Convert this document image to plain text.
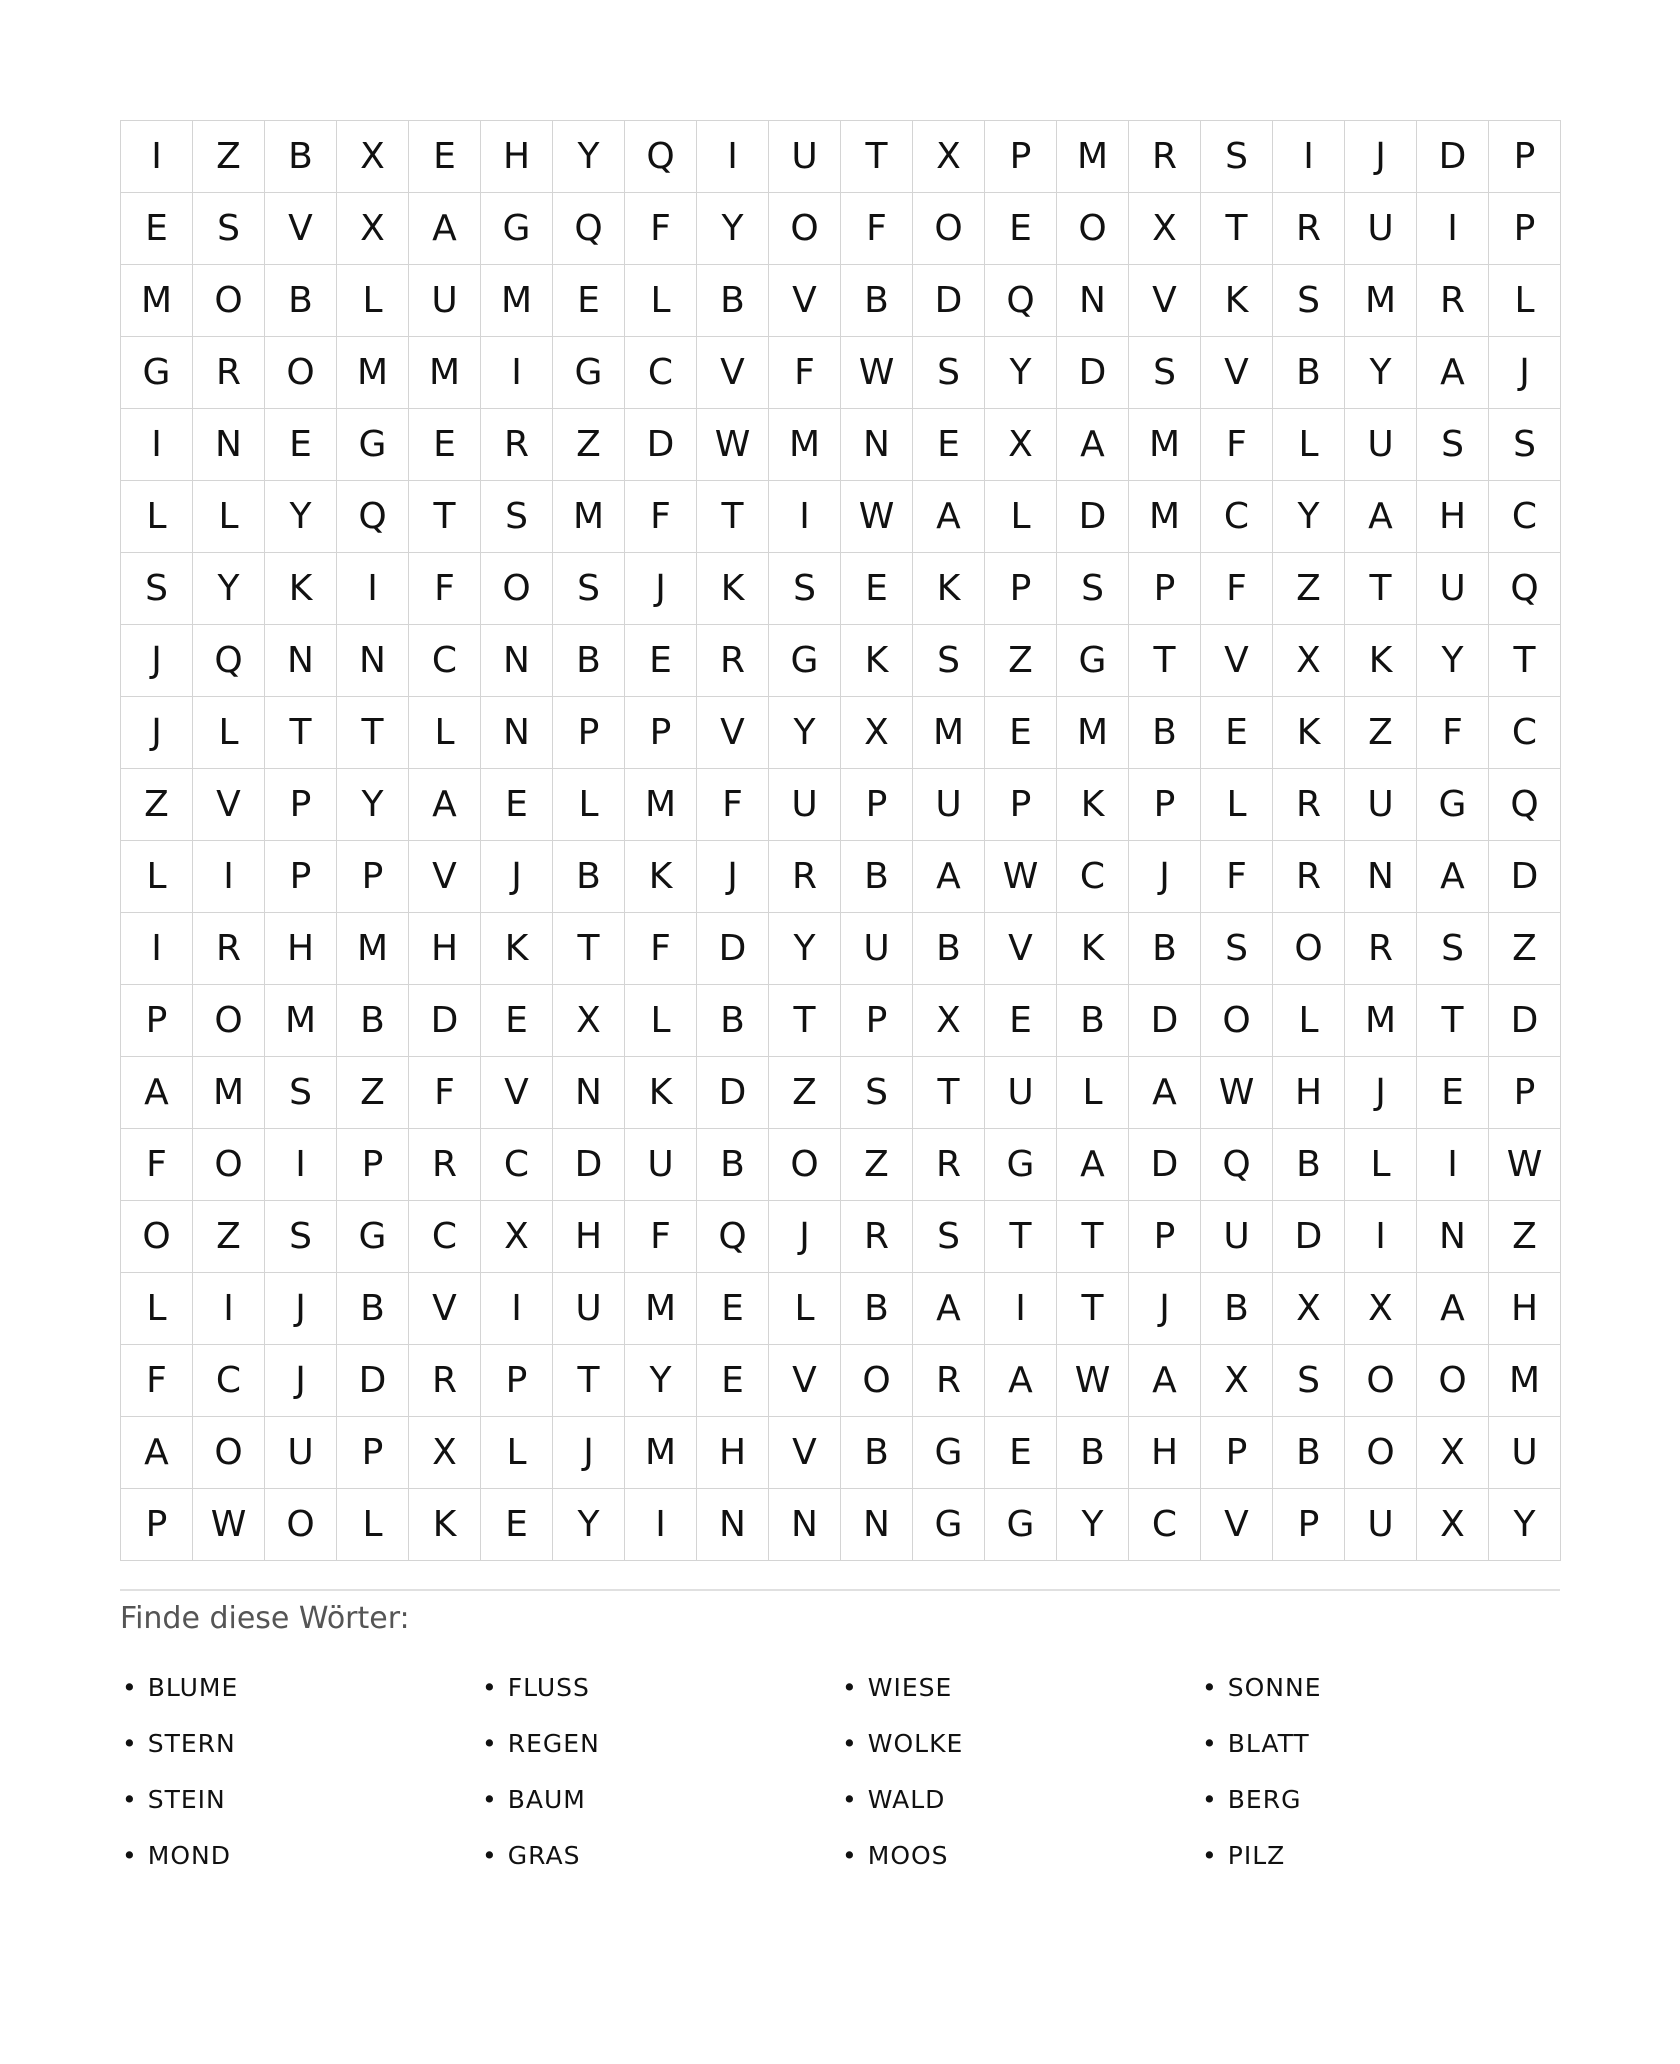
I	Z	B	X	E	H	Y	Q	I	U	T	X	P	M	R	S	I	J	D	P
E	S	V	X	A	G	Q	F	Y	O	F	O	E	O	X	T	R	U	I	P
M	O	B	L	U	M	E	L	B	V	B	D	Q	N	V	K	S	M	R	L
G	R	O	M	M	I	G	C	V	F	W	S	Y	D	S	V	B	Y	A	J
I	N	E	G	E	R	Z	D	W	M	N	E	X	A	M	F	L	U	S	S
L	L	Y	Q	T	S	M	F	T	I	W	A	L	D	M	C	Y	A	H	C
S	Y	K	I	F	O	S	J	K	S	E	K	P	S	P	F	Z	T	U	Q
J	Q	N	N	C	N	B	E	R	G	K	S	Z	G	T	V	X	K	Y	T
J	L	T	T	L	N	P	P	V	Y	X	M	E	M	B	E	K	Z	F	C
Z	V	P	Y	A	E	L	M	F	U	P	U	P	K	P	L	R	U	G	Q
L	I	P	P	V	J	B	K	J	R	B	A	W	C	J	F	R	N	A	D
I	R	H	M	H	K	T	F	D	Y	U	B	V	K	B	S	O	R	S	Z
P	O	M	B	D	E	X	L	B	T	P	X	E	B	D	O	L	M	T	D
A	M	S	Z	F	V	N	K	D	Z	S	T	U	L	A	W	H	J	E	P
F	O	I	P	R	C	D	U	B	O	Z	R	G	A	D	Q	B	L	I	W
O	Z	S	G	C	X	H	F	Q	J	R	S	T	T	P	U	D	I	N	Z
L	I	J	B	V	I	U	M	E	L	B	A	I	T	J	B	X	X	A	H
F	C	J	D	R	P	T	Y	E	V	O	R	A	W	A	X	S	O	O	M
A	O	U	P	X	L	J	M	H	V	B	G	E	B	H	P	B	O	X	U
P	W	O	L	K	E	Y	I	N	N	N	G	G	Y	C	V	P	U	X	Y
Finde diese Wörter:
• BLUME	• FLUSS	• WIESE	• SONNE
• STERN	• REGEN	• WOLKE	• BLATT
• STEIN	• BAUM	• WALD	• BERG
• MOND	• GRAS	• MOOS	• PILZ
